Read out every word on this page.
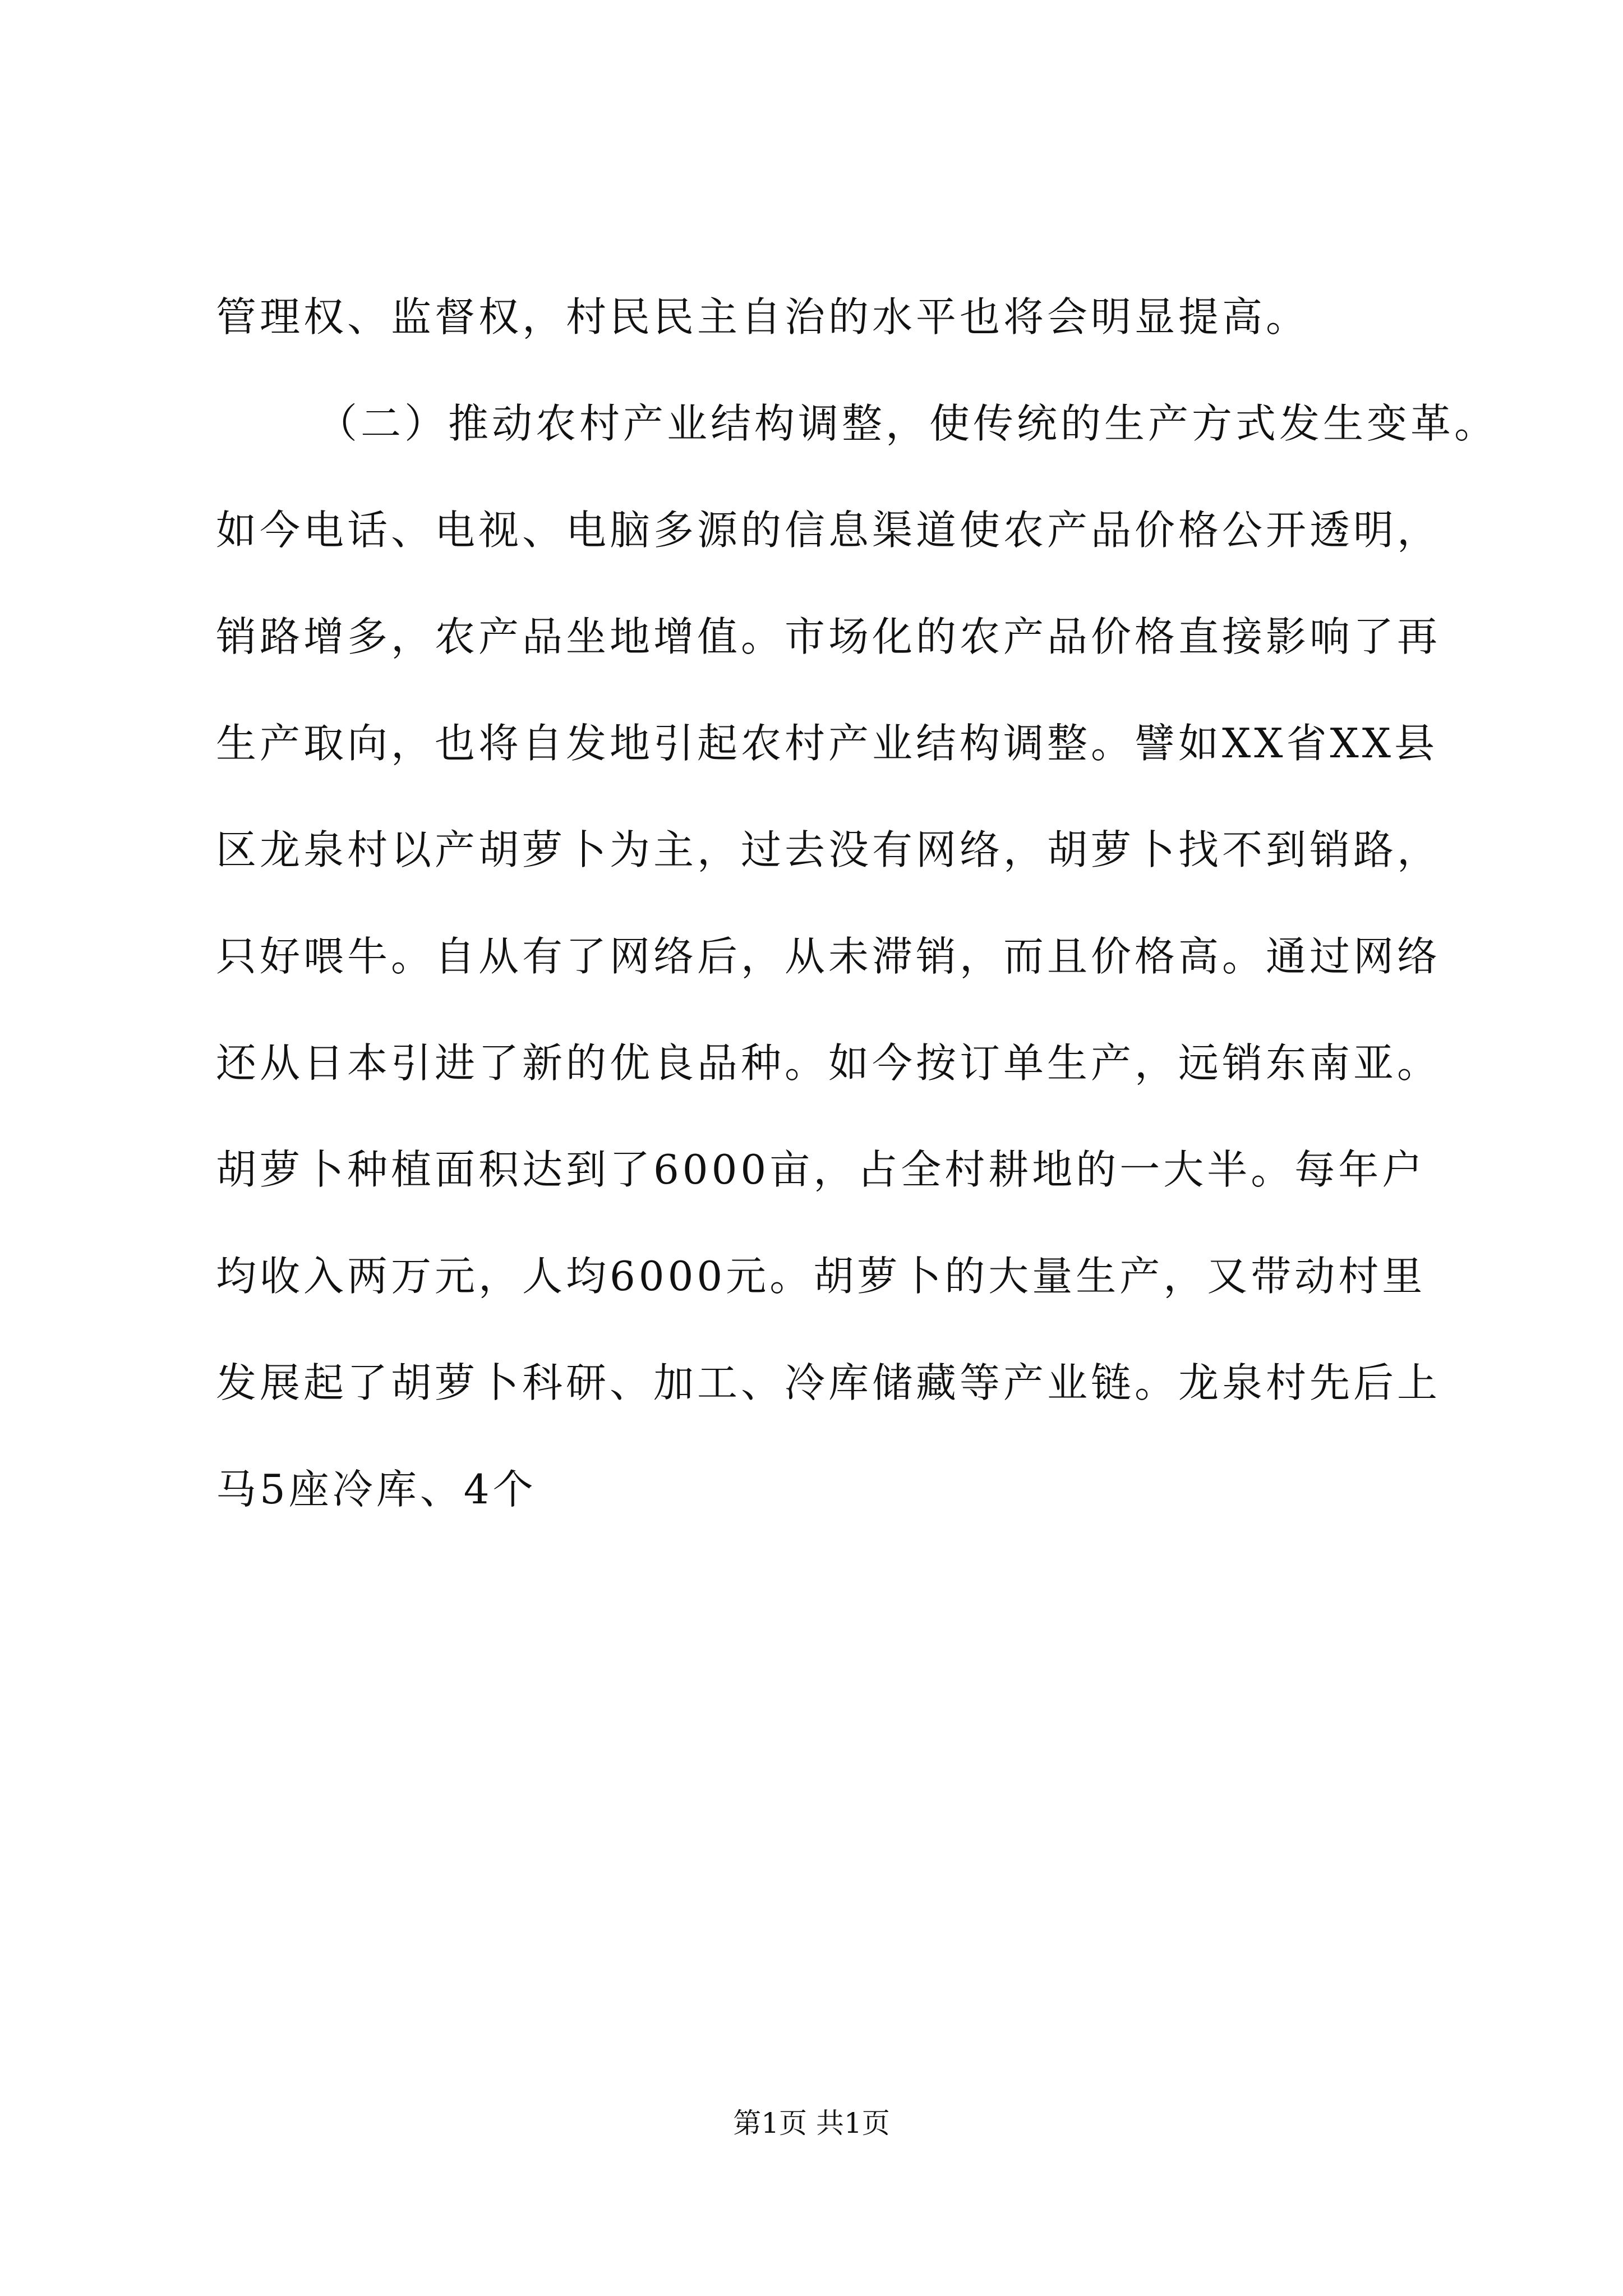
管理权、监督权，村民民主自治的水平也将会明显提高。
（二）推动农村产业结构调整，使传统的生产方式发生变革。
如今电话、电视、电脑多源的信息渠道使农产品价格公开透明，
销路增多，农产品坐地增值。市场化的农产品价格直接影响了再
生产取向，也将自发地引起农村产业结构调整。譬如XX省XX县
区龙泉村以产胡萝卜为主，过去没有网络，胡萝卜找不到销路，
只好喂牛。自从有了网络后，从未滞销，而且价格高。通过网络
还从日本引进了新的优良品种。如今按订单生产，远销东南亚。
胡萝卜种植面积达到了6000亩，占全村耕地的一大半。每年户
均收入两万元，人均6000元。胡萝卜的大量生产，又带动村里
发展起了胡萝卜科研、加工、冷库储藏等产业链。龙泉村先后上
马5座冷库、4个
第1页 共1页
